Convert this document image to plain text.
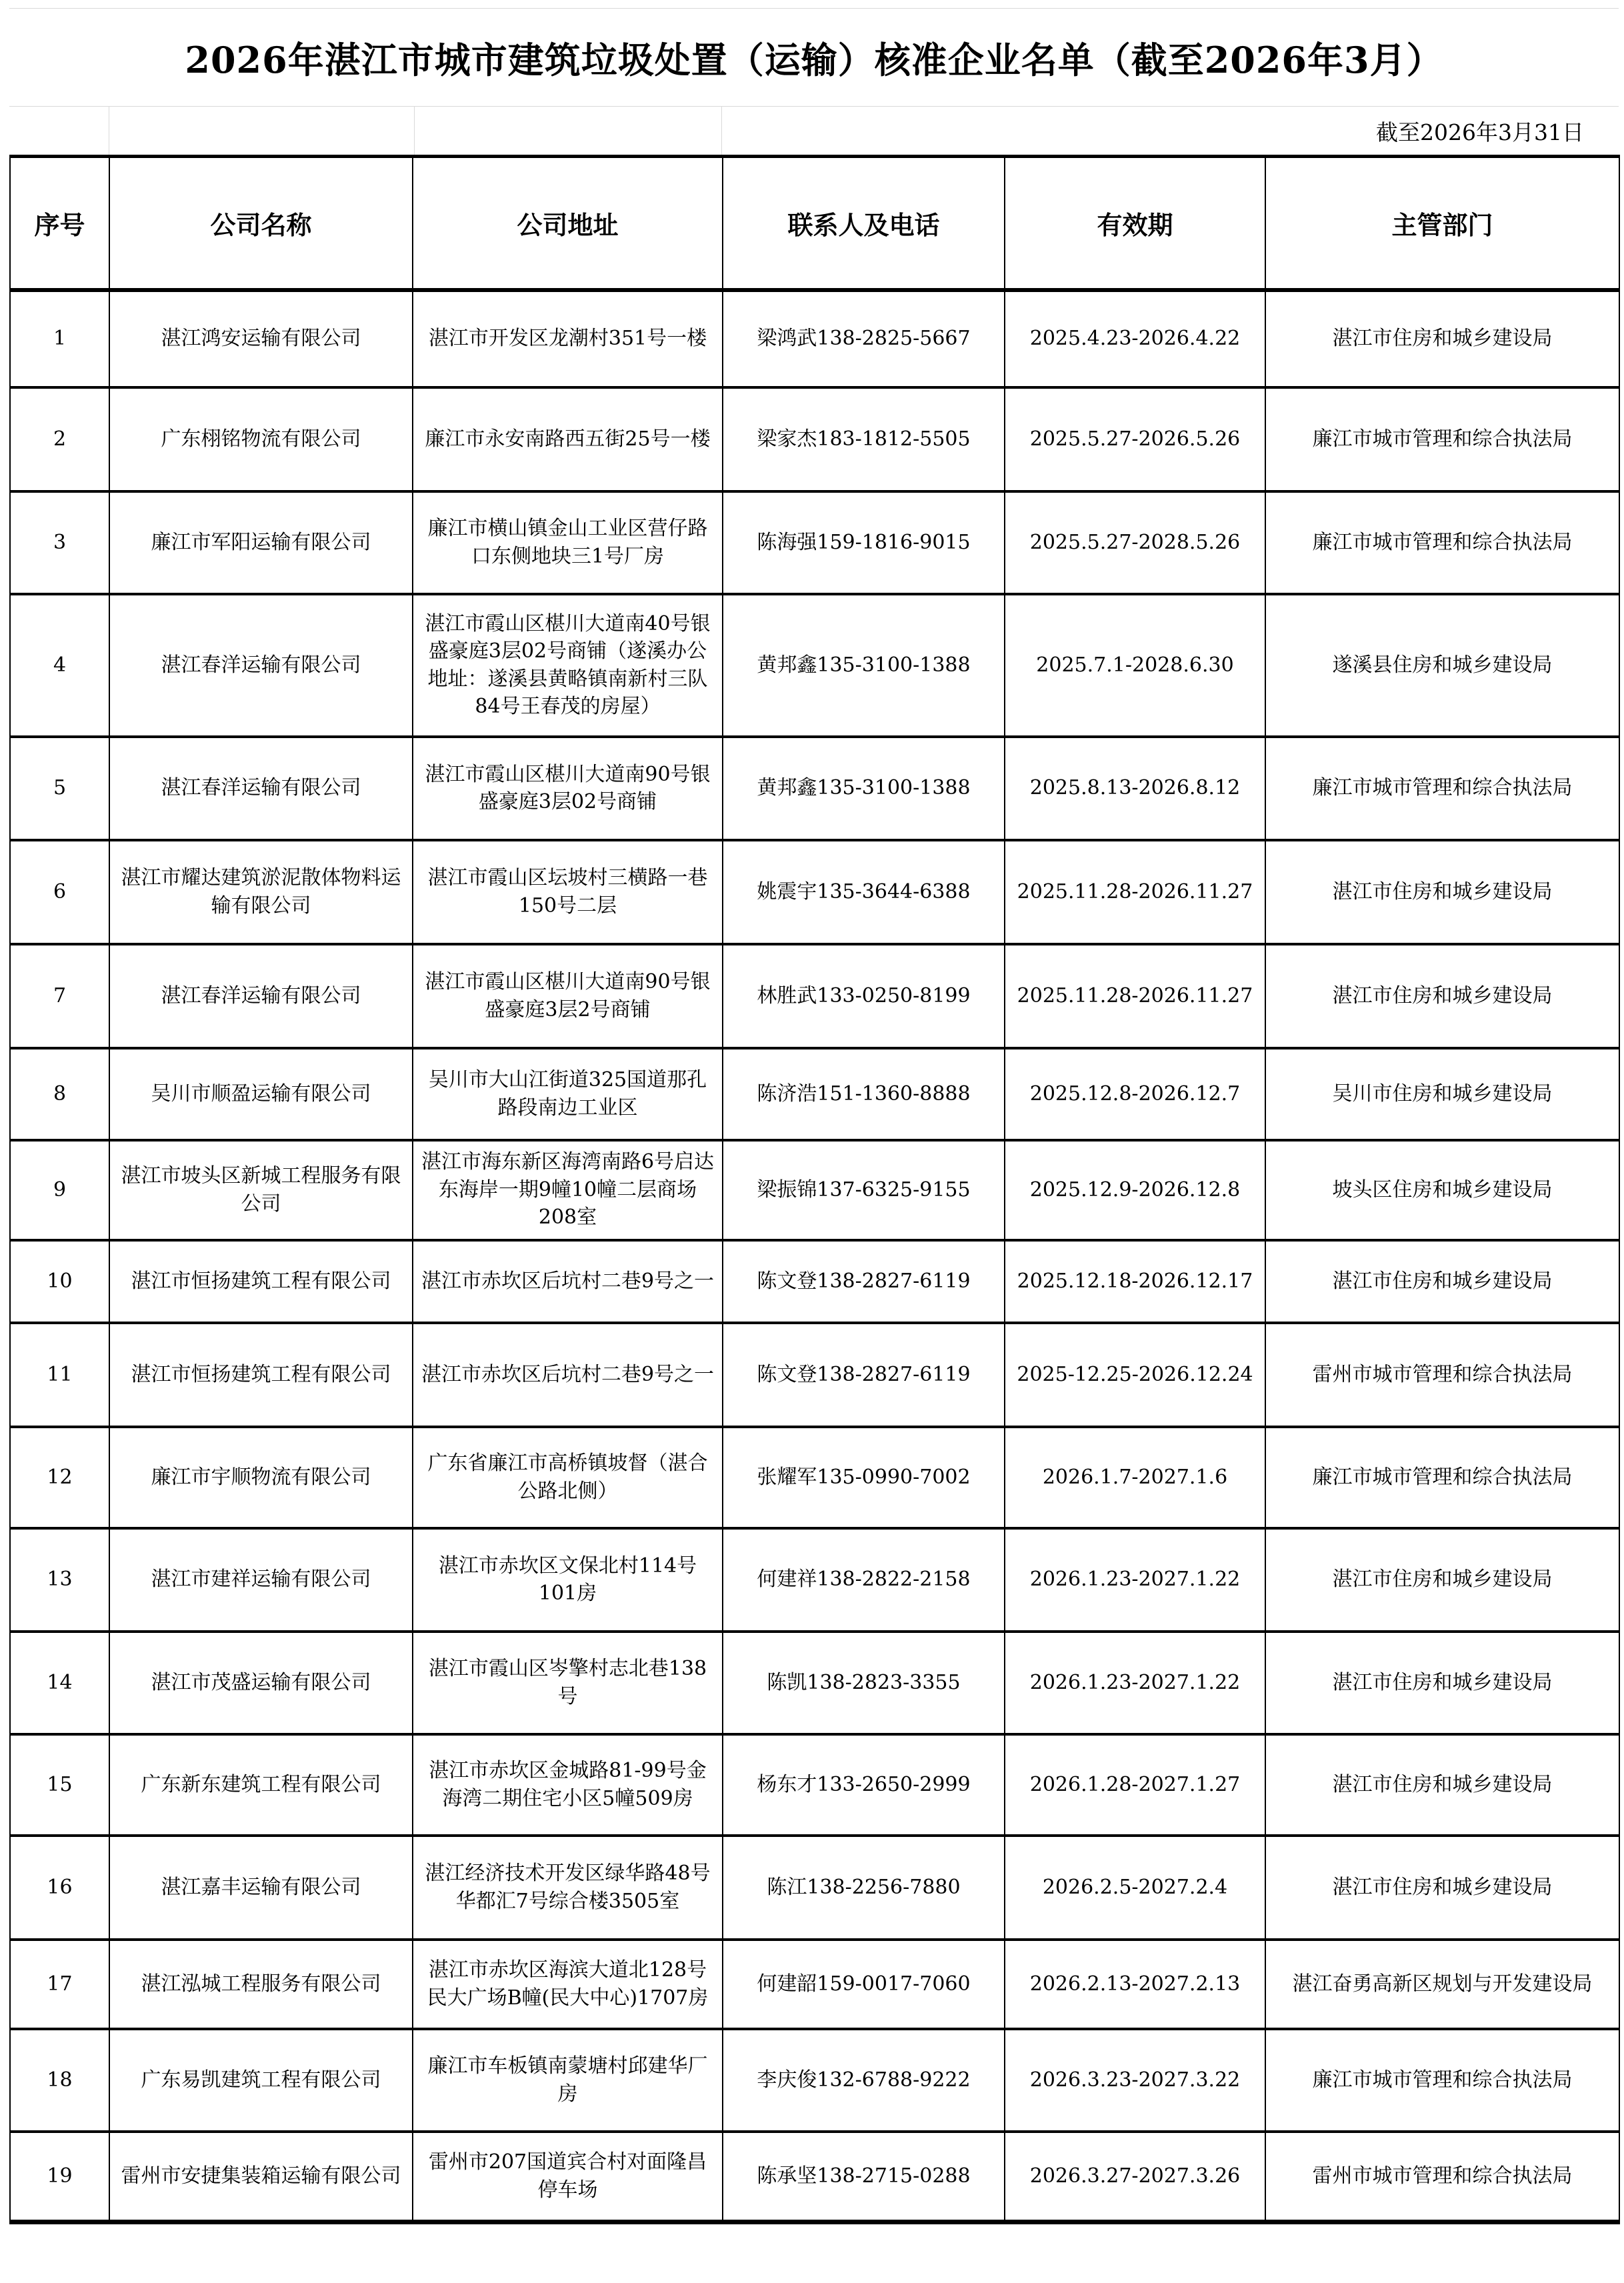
2026年湛江市城市建筑垃圾处置（运输）核准企业名单（截至2026年3月）
截至2026年3月31日
序号	公司名称	公司地址	联系人及电话	有效期	主管部门
1	湛江鸿安运输有限公司	湛江市开发区龙潮村351号一楼	梁鸿武138-2825-5667	2025.4.23-2026.4.22	湛江市住房和城乡建设局
2	广东栩铭物流有限公司	廉江市永安南路西五街25号一楼	梁家杰183-1812-5505	2025.5.27-2026.5.26	廉江市城市管理和综合执法局
3	廉江市军阳运输有限公司	廉江市横山镇金山工业区营仔路口东侧地块三1号厂房	陈海强159-1816-9015	2025.5.27-2028.5.26	廉江市城市管理和综合执法局
4	湛江春洋运输有限公司	湛江市霞山区椹川大道南40号银盛豪庭3层02号商铺（遂溪办公地址：遂溪县黄略镇南新村三队84号王春茂的房屋）	黄邦鑫135-3100-1388	2025.7.1-2028.6.30	遂溪县住房和城乡建设局
5	湛江春洋运输有限公司	湛江市霞山区椹川大道南90号银盛豪庭3层02号商铺	黄邦鑫135-3100-1388	2025.8.13-2026.8.12	廉江市城市管理和综合执法局
6	湛江市耀达建筑淤泥散体物料运输有限公司	湛江市霞山区坛坡村三横路一巷150号二层	姚震宇135-3644-6388	2025.11.28-2026.11.27	湛江市住房和城乡建设局
7	湛江春洋运输有限公司	湛江市霞山区椹川大道南90号银盛豪庭3层2号商铺	林胜武133-0250-8199	2025.11.28-2026.11.27	湛江市住房和城乡建设局
8	吴川市顺盈运输有限公司	吴川市大山江街道325国道那孔路段南边工业区	陈济浩151-1360-8888	2025.12.8-2026.12.7	吴川市住房和城乡建设局
9	湛江市坡头区新城工程服务有限公司	湛江市海东新区海湾南路6号启达东海岸一期9幢10幢二层商场208室	梁振锦137-6325-9155	2025.12.9-2026.12.8	坡头区住房和城乡建设局
10	湛江市恒扬建筑工程有限公司	湛江市赤坎区后坑村二巷9号之一	陈文登138-2827-6119	2025.12.18-2026.12.17	湛江市住房和城乡建设局
11	湛江市恒扬建筑工程有限公司	湛江市赤坎区后坑村二巷9号之一	陈文登138-2827-6119	2025-12.25-2026.12.24	雷州市城市管理和综合执法局
12	廉江市宇顺物流有限公司	广东省廉江市高桥镇坡督（湛合公路北侧）	张耀军135-0990-7002	2026.1.7-2027.1.6	廉江市城市管理和综合执法局
13	湛江市建祥运输有限公司	湛江市赤坎区文保北村114号101房	何建祥138-2822-2158	2026.1.23-2027.1.22	湛江市住房和城乡建设局
14	湛江市茂盛运输有限公司	湛江市霞山区岑擎村志北巷138号	陈凯138-2823-3355	2026.1.23-2027.1.22	湛江市住房和城乡建设局
15	广东新东建筑工程有限公司	湛江市赤坎区金城路81-99号金海湾二期住宅小区5幢509房	杨东才133-2650-2999	2026.1.28-2027.1.27	湛江市住房和城乡建设局
16	湛江嘉丰运输有限公司	湛江经济技术开发区绿华路48号华都汇7号综合楼3505室	陈江138-2256-7880	2026.2.5-2027.2.4	湛江市住房和城乡建设局
17	湛江泓城工程服务有限公司	湛江市赤坎区海滨大道北128号民大广场B幢(民大中心)1707房	何建韶159-0017-7060	2026.2.13-2027.2.13	湛江奋勇高新区规划与开发建设局
18	广东易凯建筑工程有限公司	廉江市车板镇南蒙塘村邱建华厂房	李庆俊132-6788-9222	2026.3.23-2027.3.22	廉江市城市管理和综合执法局
19	雷州市安捷集装箱运输有限公司	雷州市207国道宾合村对面隆昌停车场	陈承坚138-2715-0288	2026.3.27-2027.3.26	雷州市城市管理和综合执法局
